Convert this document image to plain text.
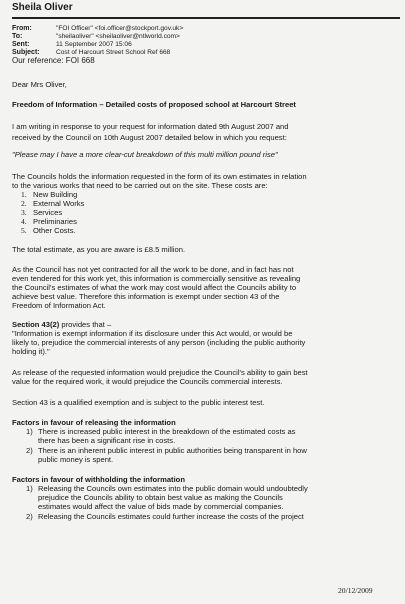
Sheila Oliver
From:	"FOI Officer" <foi.officer@stockport.gov.uk>
To:	"sheilaoliver" <sheilaoliver@ntlworld.com>
Sent:	11 September 2007 15:06
Subject: Cost of Harcourt Street School Ref 668
Our reference: FOI 668
Dear Mrs Oliver,
Freedom of Information – Detailed costs of proposed school at Harcourt Street
I am writing in response to your request for information dated 9th August 2007 and
received by the Council on 10th August 2007 detailed below in which you request:
"Please may I have a more clear-cut breakdown of this multi million pound rise"
The Councils holds the information requested in the form of its own estimates in relation
to the various works that need to be carried out on the site. These costs are:
1. New Building
2. External Works
3. Services
4. Preliminaries
5. Other Costs.
The total estimate, as you are aware is £8.5 million.
As the Council has not yet contracted for all the work to be done, and in fact has not
even tendered for this work yet, this information is commercially sensitive as revealing
the Council's estimates of what the work may cost would affect the Councils ability to
achieve best value. Therefore this information is exempt under section 43 of the
Freedom of Information Act.
Section 43(2) provides that –
"Information is exempt information if its disclosure under this Act would, or would be
likely to, prejudice the commercial interests of any person (including the public authority
holding it)."
As release of the requested information would prejudice the Council's ability to gain best
value for the required work, it would prejudice the Councils commercial interests.
Section 43 is a qualified exemption and is subject to the public interest test.
Factors in favour of releasing the information
1) There is increased public interest in the breakdown of the estimated costs as
there has been a significant rise in costs.
2) There is an inherent public interest in public authorities being transparent in how
public money is spent.
Factors in favour of withholding the information
1) Releasing the Councils own estimates into the public domain would undoubtedly
prejudice the Councils ability to obtain best value as making the Councils
estimates would affect the value of bids made by commercial companies.
2) Releasing the Councils estimates could further increase the costs of the project
20/12/2009
